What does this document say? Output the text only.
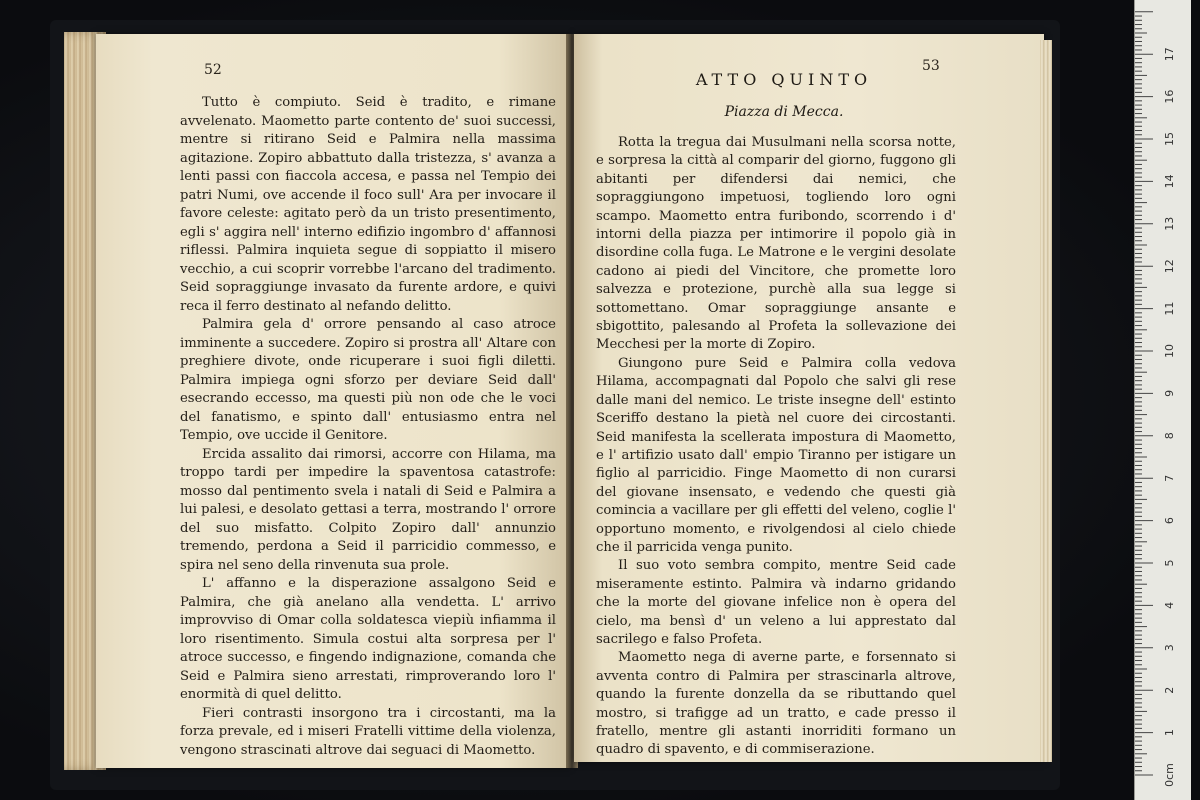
52

Tutto è compiuto. Seid è tradito, e rimane avvelenato. Maometto parte contento de' suoi successi, mentre si ritirano Seid e Palmira nella massima agitazione. Zopiro abbattuto dalla tristezza, s' avanza a lenti passi con fiaccola accesa, e passa nel Tempio dei patri Numi, ove accende il foco sull' Ara per invocare il favore celeste: agitato però da un tristo presentimento, egli s' aggira nell' interno edifizio ingombro d' affannosi riflessi. Palmira inquieta segue di soppiatto il misero vecchio, a cui scoprir vorrebbe l'arcano del tradimento. Seid sopraggiunge invasato da furente ardore, e quivi reca il ferro destinato al nefando delitto.

Palmira gela d' orrore pensando al caso atroce imminente a succedere. Zopiro si prostra all' Altare con preghiere divote, onde ricuperare i suoi figli diletti. Palmira impiega ogni sforzo per deviare Seid dall' esecrando eccesso, ma questi più non ode che le voci del fanatismo, e spinto dall' entusiasmo entra nel Tempio, ove uccide il Genitore.

Ercida assalito dai rimorsi, accorre con Hilama, ma troppo tardi per impedire la spaventosa catastrofe: mosso dal pentimento svela i natali di Seid e Palmira a lui palesi, e desolato gettasi a terra, mostrando l' orrore del suo misfatto. Colpito Zopiro dall' annunzio tremendo, perdona a Seid il parricidio commesso, e spira nel seno della rinvenuta sua prole.

L' affanno e la disperazione assalgono Seid e Palmira, che già anelano alla vendetta. L' arrivo improvviso di Omar colla soldatesca viepiù infiamma il loro risentimento. Simula costui alta sorpresa per l' atroce successo, e fingendo indignazione, comanda che Seid e Palmira sieno arrestati, rimproverando loro l' enormità di quel delitto.

Fieri contrasti insorgono tra i circostanti, ma la forza prevale, ed i miseri Fratelli vittime della violenza, vengono strascinati altrove dai seguaci di Maometto.

53
ATTO QUINTO
Piazza di Mecca.

Rotta la tregua dai Musulmani nella scorsa notte, e sorpresa la città al comparir del giorno, fuggono gli abitanti per difendersi dai nemici, che sopraggiungono impetuosi, togliendo loro ogni scampo. Maometto entra furibondo, scorrendo i d' intorni della piazza per intimorire il popolo già in disordine colla fuga. Le Matrone e le vergini desolate cadono ai piedi del Vincitore, che promette loro salvezza e protezione, purchè alla sua legge si sottomettano. Omar sopraggiunge ansante e sbigottito, palesando al Profeta la sollevazione dei Mecchesi per la morte di Zopiro.

Giungono pure Seid e Palmira colla vedova Hilama, accompagnati dal Popolo che salvi gli rese dalle mani del nemico. Le triste insegne dell' estinto Sceriffo destano la pietà nel cuore dei circostanti. Seid manifesta la scellerata impostura di Maometto, e l' artifizio usato dall' empio Tiranno per istigare un figlio al parricidio. Finge Maometto di non curarsi del giovane insensato, e vedendo che questi già comincia a vacillare per gli effetti del veleno, coglie l' opportuno momento, e rivolgendosi al cielo chiede che il parricida venga punito.

Il suo voto sembra compito, mentre Seid cade miseramente estinto. Palmira và indarno gridando che la morte del giovane infelice non è opera del cielo, ma bensì d' un veleno a lui apprestato dal sacrilego e falso Profeta.

Maometto nega di averne parte, e forsennato si avventa contro di Palmira per strascinarla altrove, quando la furente donzella da se ributtando quel mostro, si trafigge ad un tratto, e cade presso il fratello, mentre gli astanti inorriditi formano un quadro di spavento, e di commiserazione.

0cm
1
2
3
4
5
6
7
8
9
10
11
12
13
14
15
16
17
